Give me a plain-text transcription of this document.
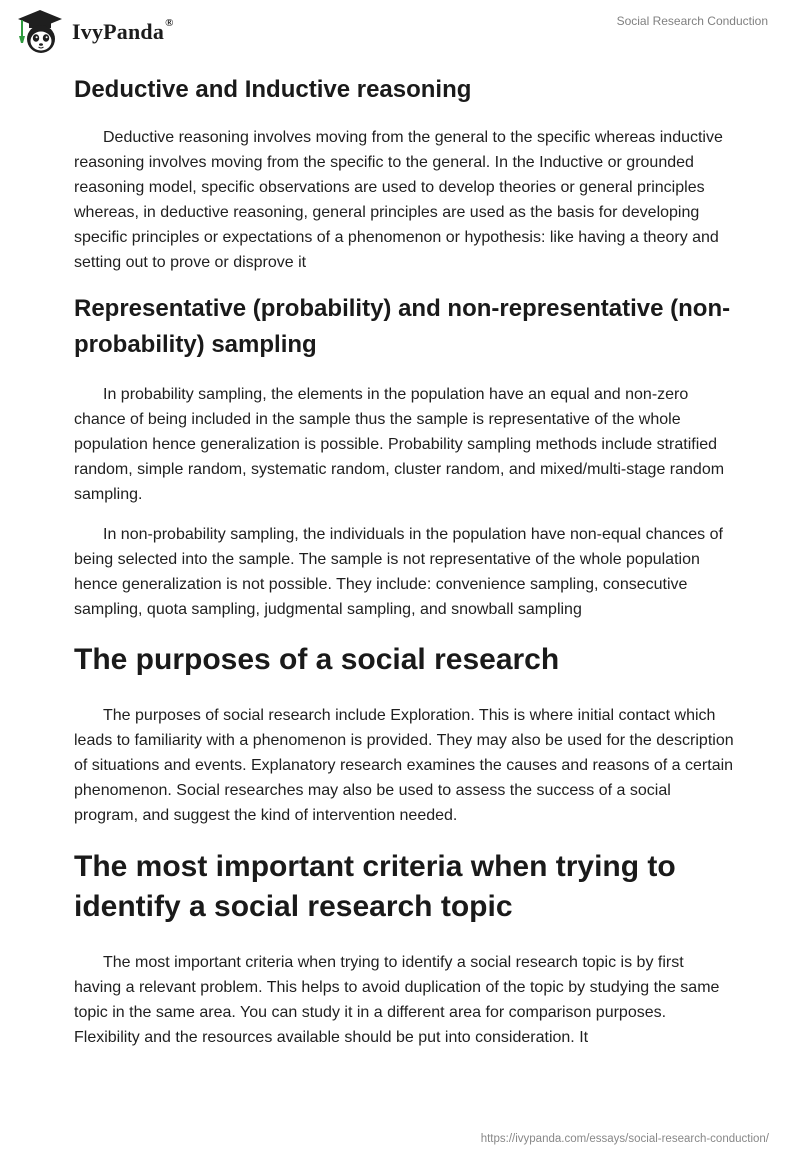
IvyPanda®	Social Research Conduction
Deductive and Inductive reasoning

Deductive reasoning involves moving from the general to the specific whereas inductive reasoning involves moving from the specific to the general. In the Inductive or grounded reasoning model, specific observations are used to develop theories or general principles whereas, in deductive reasoning, general principles are used as the basis for developing specific principles or expectations of a phenomenon or hypothesis: like having a theory and setting out to prove or disprove it

Representative (probability) and non-representative (non-probability) sampling

In probability sampling, the elements in the population have an equal and non-zero chance of being included in the sample thus the sample is representative of the whole population hence generalization is possible. Probability sampling methods include stratified random, simple random, systematic random, cluster random, and mixed/multi-stage random sampling.

In non-probability sampling, the individuals in the population have non-equal chances of being selected into the sample. The sample is not representative of the whole population hence generalization is not possible. They include: convenience sampling, consecutive sampling, quota sampling, judgmental sampling, and snowball sampling

The purposes of a social research

The purposes of social research include Exploration. This is where initial contact which leads to familiarity with a phenomenon is provided. They may also be used for the description of situations and events. Explanatory research examines the causes and reasons of a certain phenomenon. Social researches may also be used to assess the success of a social program, and suggest the kind of intervention needed.

The most important criteria when trying to identify a social research topic

The most important criteria when trying to identify a social research topic is by first having a relevant problem. This helps to avoid duplication of the topic by studying the same topic in the same area. You can study it in a different area for comparison purposes. Flexibility and the resources available should be put into consideration. It

https://ivypanda.com/essays/social-research-conduction/
